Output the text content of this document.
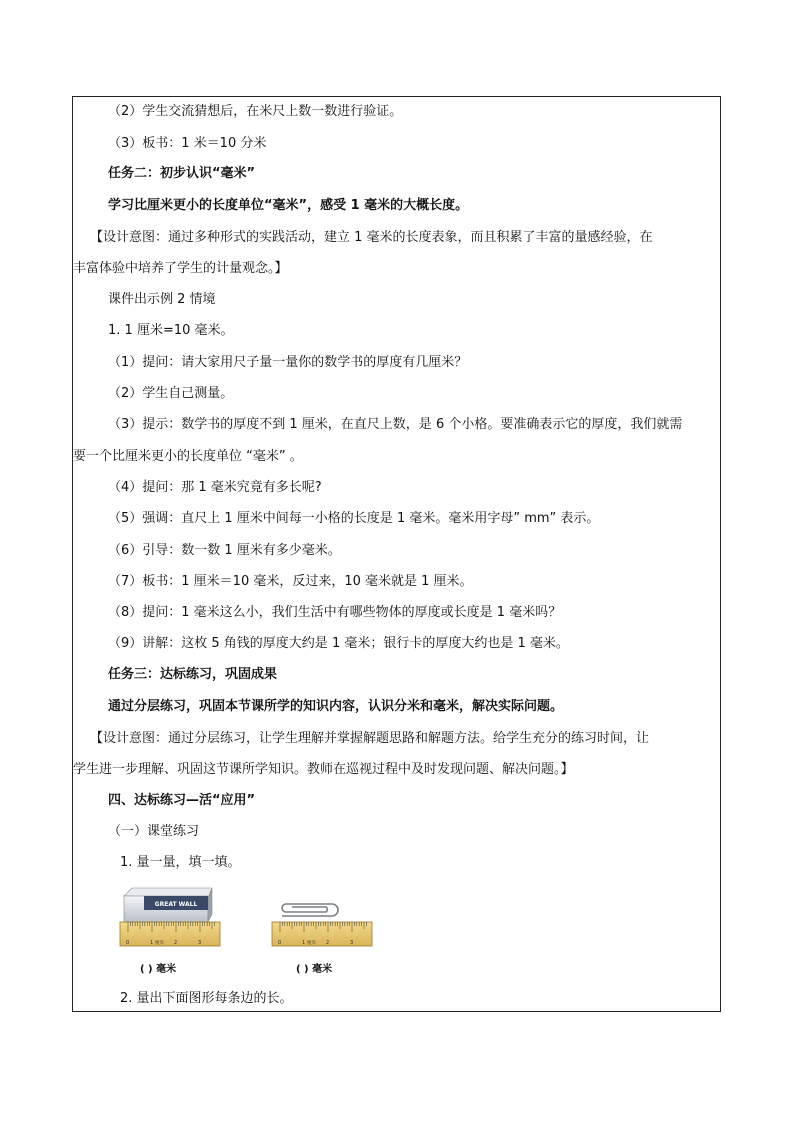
（2）学生交流猜想后，在米尺上数一数进行验证。
（3）板书：1 米＝10 分米
任务二：初步认识“毫米”
学习比厘米更小的长度单位“毫米”，感受 1 毫米的大概长度。
【设计意图：通过多种形式的实践活动，建立 1 毫米的长度表象，而且积累了丰富的量感经验，在
丰富体验中培养了学生的计量观念。】
课件出示例 2 情境
1. 1 厘米=10 毫米。
（1）提问：请大家用尺子量一量你的数学书的厚度有几厘米？
（2）学生自己测量。
（3）提示：数学书的厚度不到 1 厘米，在直尺上数，是 6 个小格。要准确表示它的厚度，我们就需
要一个比厘米更小的长度单位 “毫米” 。
（4）提问：那 1 毫米究竟有多长呢?
（5）强调：直尺上 1 厘米中间每一小格的长度是 1 毫米。毫米用字母” mm” 表示。
（6）引导：数一数 1 厘米有多少毫米。
（7）板书：1 厘米＝10 毫米，反过来，10 毫米就是 1 厘米。
（8）提问：1 毫米这么小，我们生活中有哪些物体的厚度或长度是 1 毫米吗？
（9）讲解：这枚 5 角钱的厚度大约是 1 毫米；银行卡的厚度大约也是 1 毫米。
任务三：达标练习，巩固成果
通过分层练习，巩固本节课所学的知识内容，认识分米和毫米，解决实际问题。
【设计意图：通过分层练习，让学生理解并掌握解题思路和解题方法。给学生充分的练习时间，让
学生进一步理解、巩固这节课所学知识。教师在巡视过程中及时发现问题、解决问题。】
四、达标练习—活“应用”
（一）课堂练习
1. 量一量，填一填。
2. 量出下面图形每条边的长。
GREAT WALL
0	1 厘米 2	3
( ) 毫米
0	1 厘米 2	3
( ) 毫米
